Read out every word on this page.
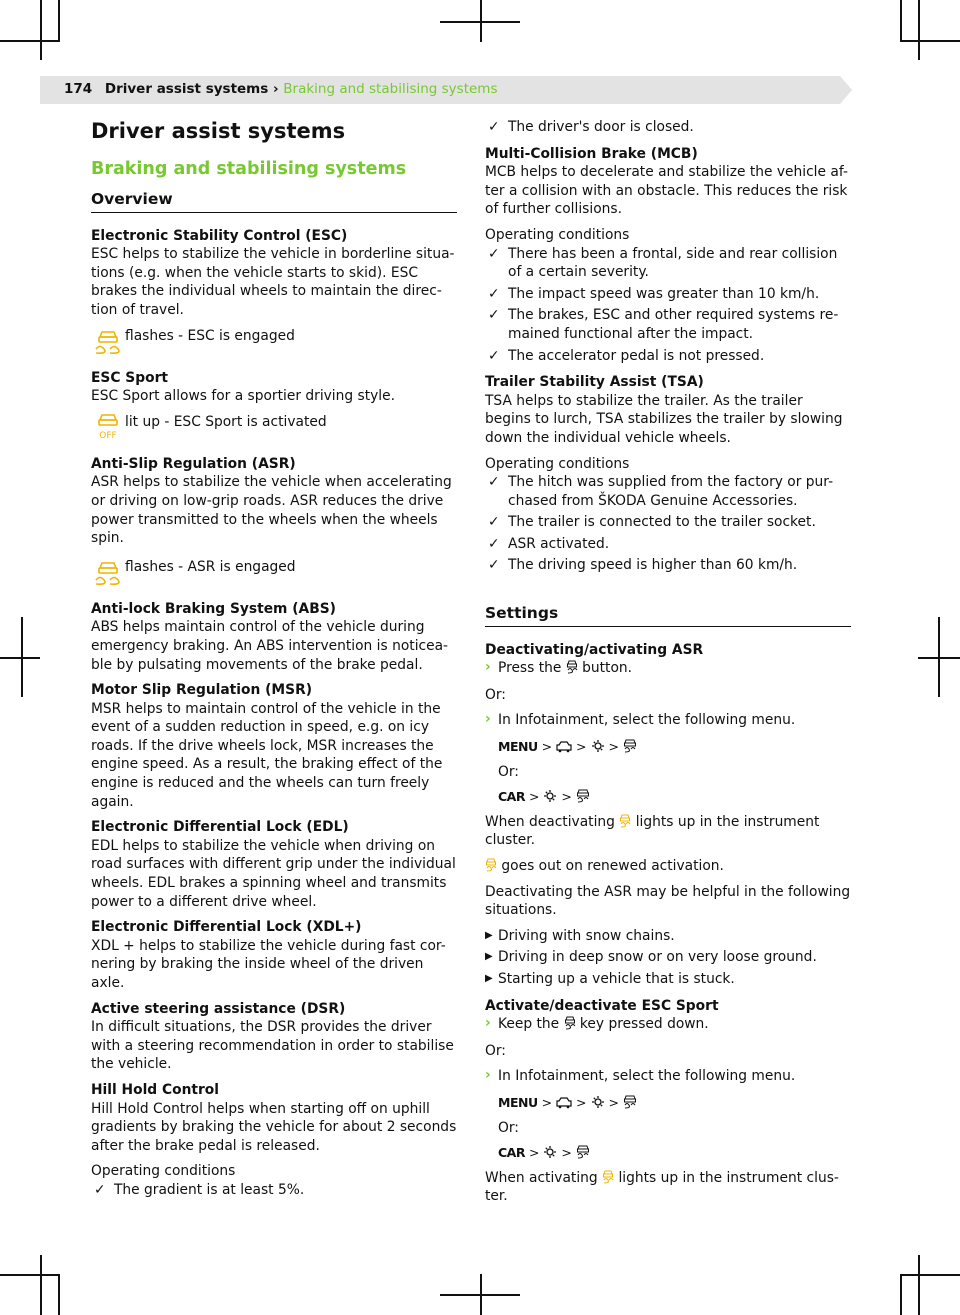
174 Driver assist systems › Braking and stabilising systems
Driver assist systems
Braking and stabilising systems
Overview
Electronic Stability Control (ESC)

ESC helps to stabilize the vehicle in borderline situa-tions (e.g. when the vehicle starts to skid). ESC brakes the individual wheels to maintain the direc-tion of travel.

flashes - ESC is engaged
ESC Sport

ESC Sport allows for a sportier driving style.

OFF
lit up - ESC Sport is activated
Anti-Slip Regulation (ASR)

ASR helps to stabilize the vehicle when accelerating or driving on low-grip roads. ASR reduces the drive power transmitted to the wheels when the wheels spin.

flashes - ASR is engaged
Anti-lock Braking System (ABS)

ABS helps maintain control of the vehicle during emergency braking. An ABS intervention is noticea-ble by pulsating movements of the brake pedal.

Motor Slip Regulation (MSR)

MSR helps to maintain control of the vehicle in the event of a sudden reduction in speed, e.g. on icy roads. If the drive wheels lock, MSR increases the engine speed. As a result, the braking effect of the engine is reduced and the wheels can turn freely again.

Electronic Differential Lock (EDL)

EDL helps to stabilize the vehicle when driving on road surfaces with different grip under the individual wheels. EDL brakes a spinning wheel and transmits power to a different drive wheel.

Electronic Differential Lock (XDL+)

XDL + helps to stabilize the vehicle during fast cor-nering by braking the inside wheel of the driven axle.

Active steering assistance (DSR)

In difficult situations, the DSR provides the driver with a steering recommendation in order to stabilise the vehicle.

Hill Hold Control

Hill Hold Control helps when starting off on uphill gradients by braking the vehicle for about 2 seconds after the brake pedal is released.

Operating conditions
✓ The gradient is at least 5%.
✓ The driver's door is closed.
Multi-Collision Brake (MCB)

MCB helps to decelerate and stabilize the vehicle af-ter a collision with an obstacle. This reduces the risk of further collisions.

Operating conditions
✓ There has been a frontal, side and rear collision of a certain severity.
✓ The impact speed was greater than 10 km/h.
✓ The brakes, ESC and other required systems re-mained functional after the impact.
✓ The accelerator pedal is not pressed.
Trailer Stability Assist (TSA)

TSA helps to stabilize the trailer. As the trailer begins to lurch, TSA stabilizes the trailer by slowing down the individual vehicle wheels.

Operating conditions
✓ The hitch was supplied from the factory or pur-chased from ŠKODA Genuine Accessories.
✓ The trailer is connected to the trailer socket.
✓ ASR activated.
✓ The driving speed is higher than 60 km/h.
Settings
Deactivating/activating ASR
› Press the button.

Or:

› In Infotainment, select the following menu.
MENU > > >

Or:

CAR > >

When deactivating lights up in the instrument cluster.

goes out on renewed activation.

Deactivating the ASR may be helpful in the following situations.

▶ Driving with snow chains.
▶ Driving in deep snow or on very loose ground.
▶ Starting up a vehicle that is stuck.
Activate/deactivate ESC Sport
› Keep the key pressed down.

Or:

› In Infotainment, select the following menu.
MENU > > >

Or:

CAR > >

When activating lights up in the instrument clus-ter.
